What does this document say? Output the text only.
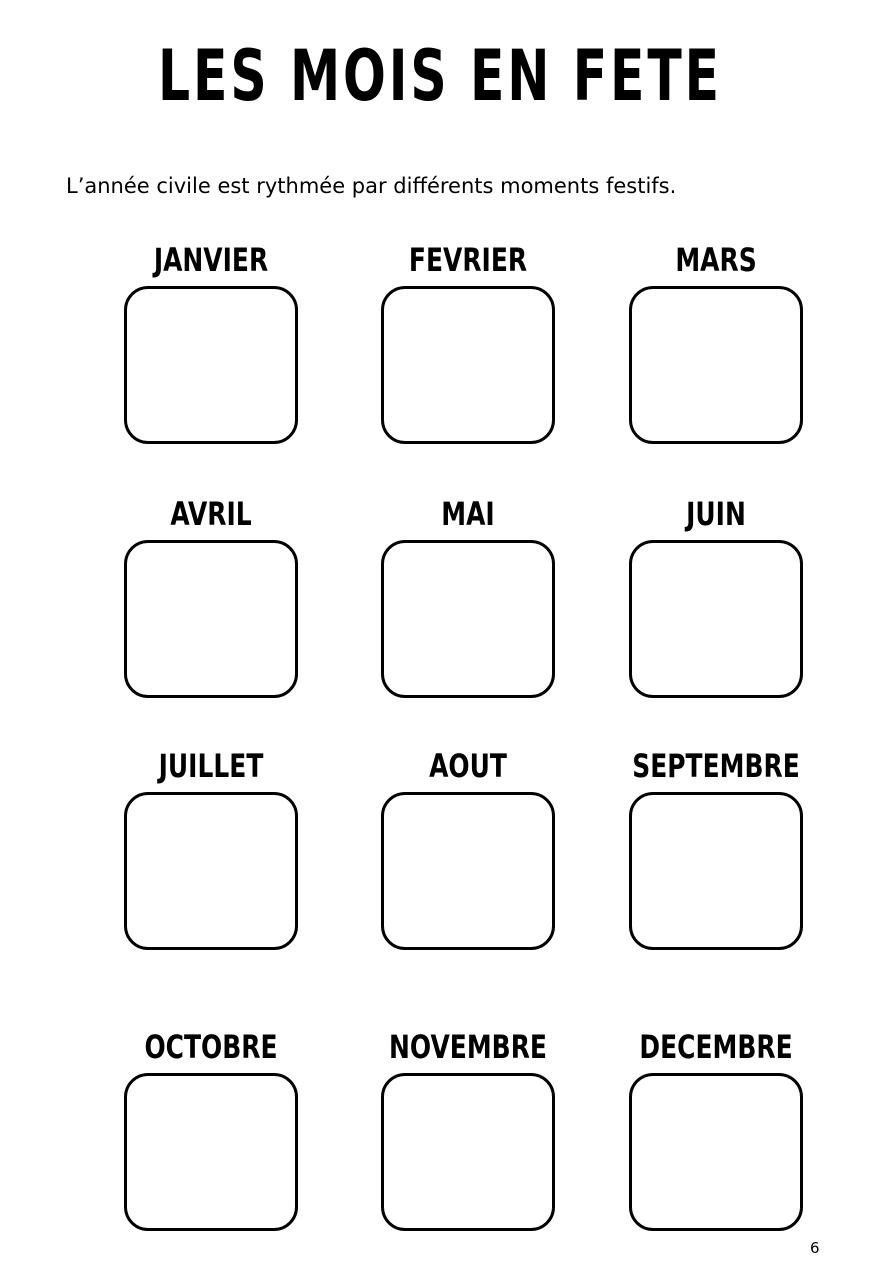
LES MOIS EN FETE
L’année civile est rythmée par différents moments festifs.
JANVIER	FEVRIER	MARS
AVRIL	MAI	JUIN
JUILLET	AOUT	SEPTEMBRE
OCTOBRE	NOVEMBRE	DECEMBRE
6
